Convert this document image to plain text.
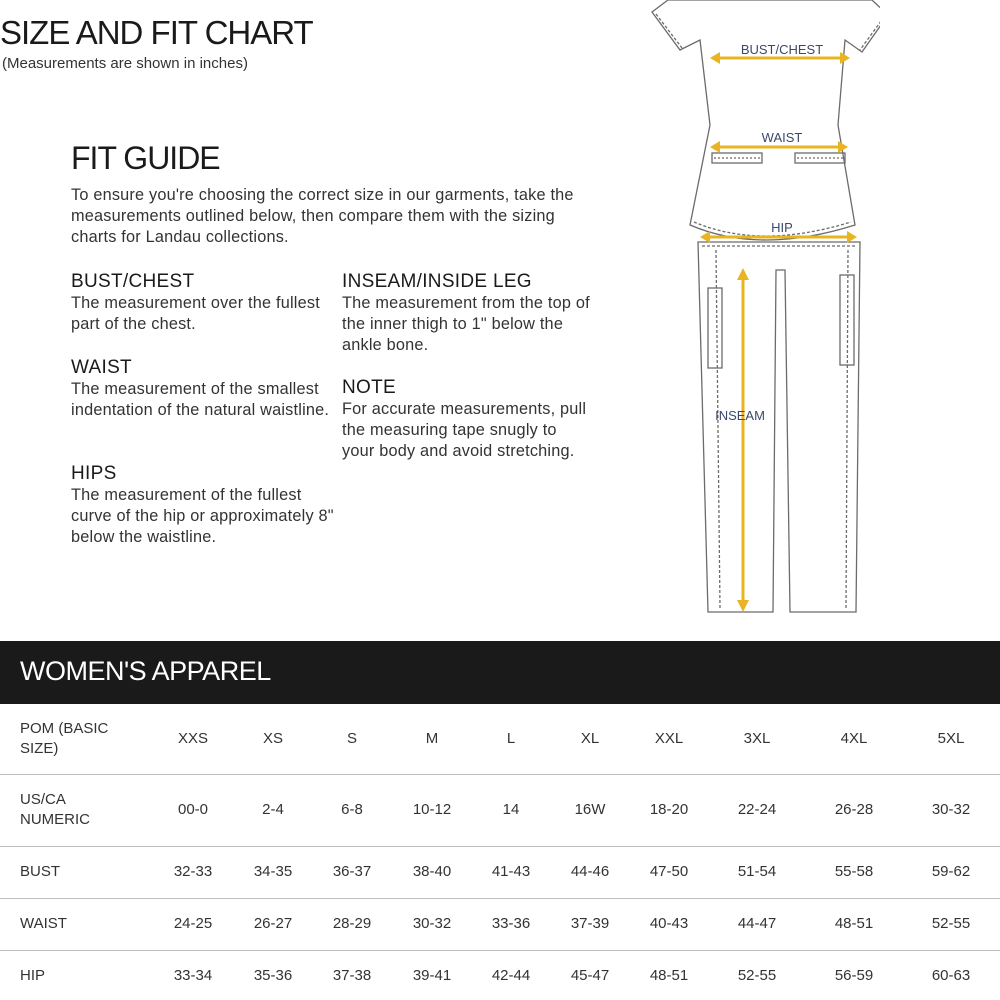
SIZE AND FIT CHART
(Measurements are shown in inches)
FIT GUIDE
To ensure you're choosing the correct size in our garments, take the measurements outlined below, then compare them with the sizing charts for Landau collections.
BUST/CHEST

The measurement over the fullest part of the chest.

WAIST

The measurement of the smallest indentation of the natural waistline.

HIPS

The measurement of the fullest curve of the hip or approximately 8" below the waistline.

INSEAM/INSIDE LEG

The measurement from the top of the inner thigh to 1" below the ankle bone.

NOTE

For accurate measurements, pull the measuring tape snugly to your body and avoid stretching.

BUST/CHEST
WAIST
HIP
INSEAM
WOMEN'S APPAREL
POM (BASIC SIZE)	XXS	XS	S	M	L	XL	XXL	3XL	4XL	5XL
US/CA NUMERIC	00-0	2-4	6-8	10-12	14	16W	18-20	22-24	26-28	30-32
BUST	32-33	34-35	36-37	38-40	41-43	44-46	47-50	51-54	55-58	59-62
WAIST	24-25	26-27	28-29	30-32	33-36	37-39	40-43	44-47	48-51	52-55
HIP	33-34	35-36	37-38	39-41	42-44	45-47	48-51	52-55	56-59	60-63
